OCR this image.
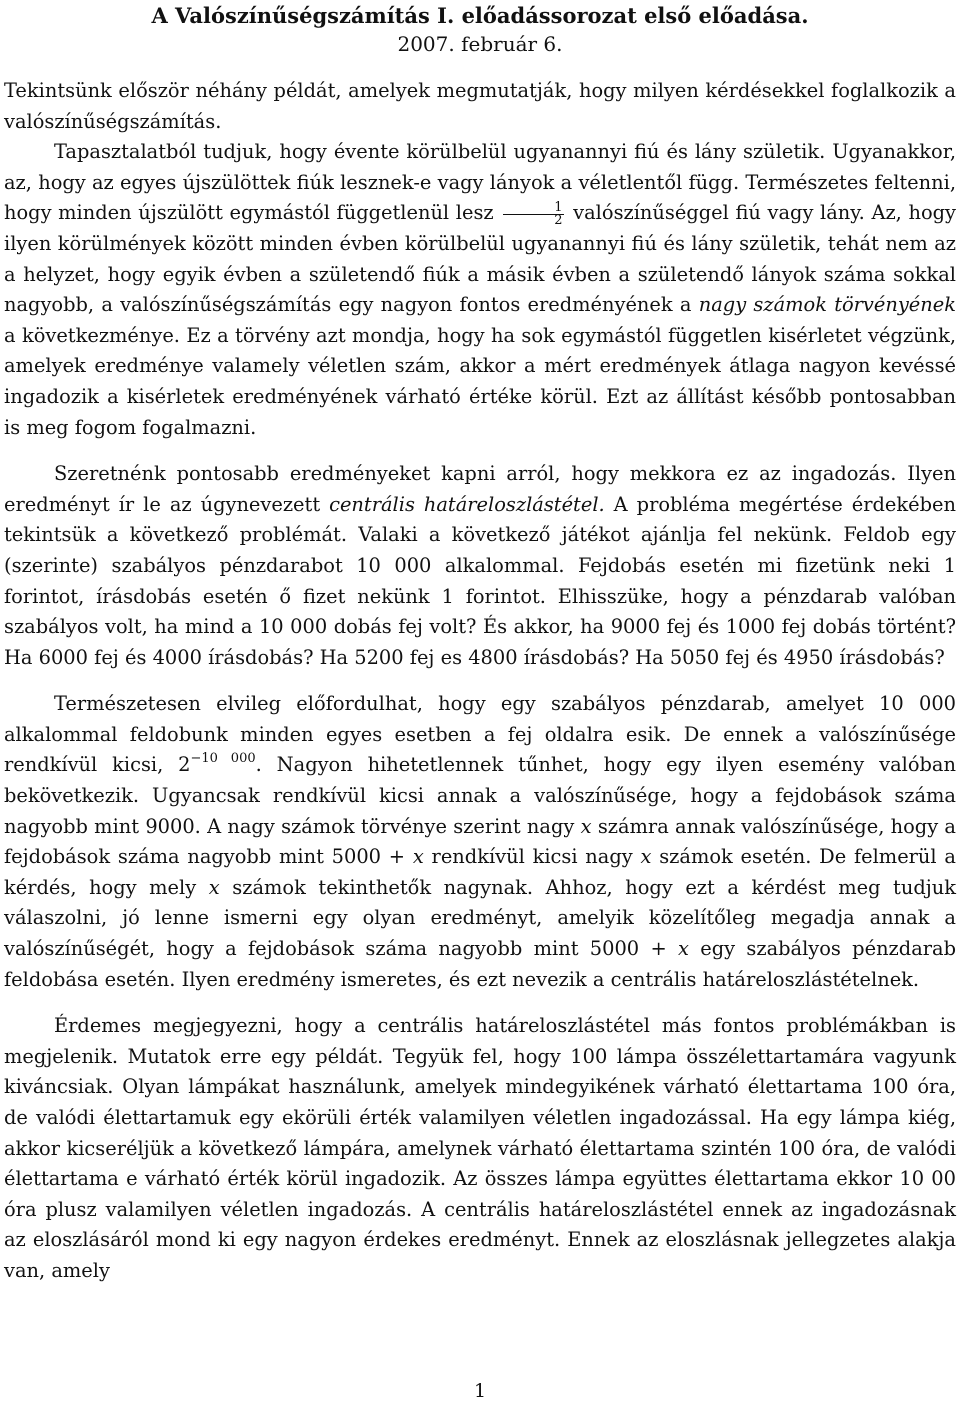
A Valószínűségszámítás I. előadássorozat első előadása.
2007. február 6.

Tekintsünk először néhány példát, amelyek megmutatják, hogy milyen kérdésekkel foglalkozik a valószínűségszámítás.

Tapasztalatból tudjuk, hogy évente körülbelül ugyanannyi fiú és lány születik. Ugyanakkor, az, hogy az egyes újszülöttek fiúk lesznek-e vagy lányok a véletlentől függ. Természetes feltenni, hogy minden újszülött egymástól függetlenül lesz $\frac{1}{2}$ valószínűséggel fiú vagy lány. Az, hogy ilyen körülmények között minden évben körülbelül ugyanannyi fiú és lány születik, tehát nem az a helyzet, hogy egyik évben a születendő fiúk a másik évben a születendő lányok száma sokkal nagyobb, a valószínűségszámítás egy nagyon fontos eredményének a nagy számok törvényének a következménye. Ez a törvény azt mondja, hogy ha sok egymástól független kisérletet végzünk, amelyek eredménye valamely véletlen szám, akkor a mért eredmények átlaga nagyon kevéssé ingadozik a kisérletek eredményének várható értéke körül. Ezt az állítást később pontosabban is meg fogom fogalmazni.

Szeretnénk pontosabb eredményeket kapni arról, hogy mekkora ez az ingadozás. Ilyen eredményt ír le az úgynevezett centrális határeloszlástétel. A probléma megértése érdekében tekintsük a következő problémát. Valaki a következő játékot ajánlja fel nekünk. Feldob egy (szerinte) szabályos pénzdarabot 10 000 alkalommal. Fejdobás esetén mi fizetünk neki 1 forintot, írásdobás esetén ő fizet nekünk 1 forintot. Elhisszüke, hogy a pénzdarab valóban szabályos volt, ha mind a 10 000 dobás fej volt? És akkor, ha 9000 fej és 1000 fej dobás történt? Ha 6000 fej és 4000 írásdobás? Ha 5200 fej es 4800 írásdobás? Ha 5050 fej és 4950 írásdobás?

Természetesen elvileg előfordulhat, hogy egy szabályos pénzdarab, amelyet 10 000 alkalommal feldobunk minden egyes esetben a fej oldalra esik. De ennek a valószínűsége rendkívül kicsi, $2^{-10 000}$. Nagyon hihetetlennek tűnhet, hogy egy ilyen esemény valóban bekövetkezik. Ugyancsak rendkívül kicsi annak a valószínűsége, hogy a fejdobások száma nagyobb mint 9000. A nagy számok törvénye szerint nagy x számra annak valószínűsége, hogy a fejdobások száma nagyobb mint 5000 + x rendkívül kicsi nagy x számok esetén. De felmerül a kérdés, hogy mely x számok tekinthetők nagynak. Ahhoz, hogy ezt a kérdést meg tudjuk válaszolni, jó lenne ismerni egy olyan eredményt, amelyik közelítőleg megadja annak a valószínűségét, hogy a fejdobások száma nagyobb mint 5000 + x egy szabályos pénzdarab feldobása esetén. Ilyen eredmény ismeretes, és ezt nevezik a centrális határeloszlástételnek.

Érdemes megjegyezni, hogy a centrális határeloszlástétel más fontos problémákban is megjelenik. Mutatok erre egy példát. Tegyük fel, hogy 100 lámpa összélettartamára vagyunk kiváncsiak. Olyan lámpákat használunk, amelyek mindegyikének várható élettartama 100 óra, de valódi élettartamuk egy ekörüli érték valamilyen véletlen ingadozással. Ha egy lámpa kiég, akkor kicseréljük a következő lámpára, amelynek várható élettartama szintén 100 óra, de valódi élettartama e várható érték körül ingadozik. Az összes lámpa együttes élettartama ekkor 10 00 óra plusz valamilyen véletlen ingadozás. A centrális határeloszlástétel ennek az ingadozásnak az eloszlásáról mond ki egy nagyon érdekes eredményt. Ennek az eloszlásnak jellegzetes alakja van, amely

1
